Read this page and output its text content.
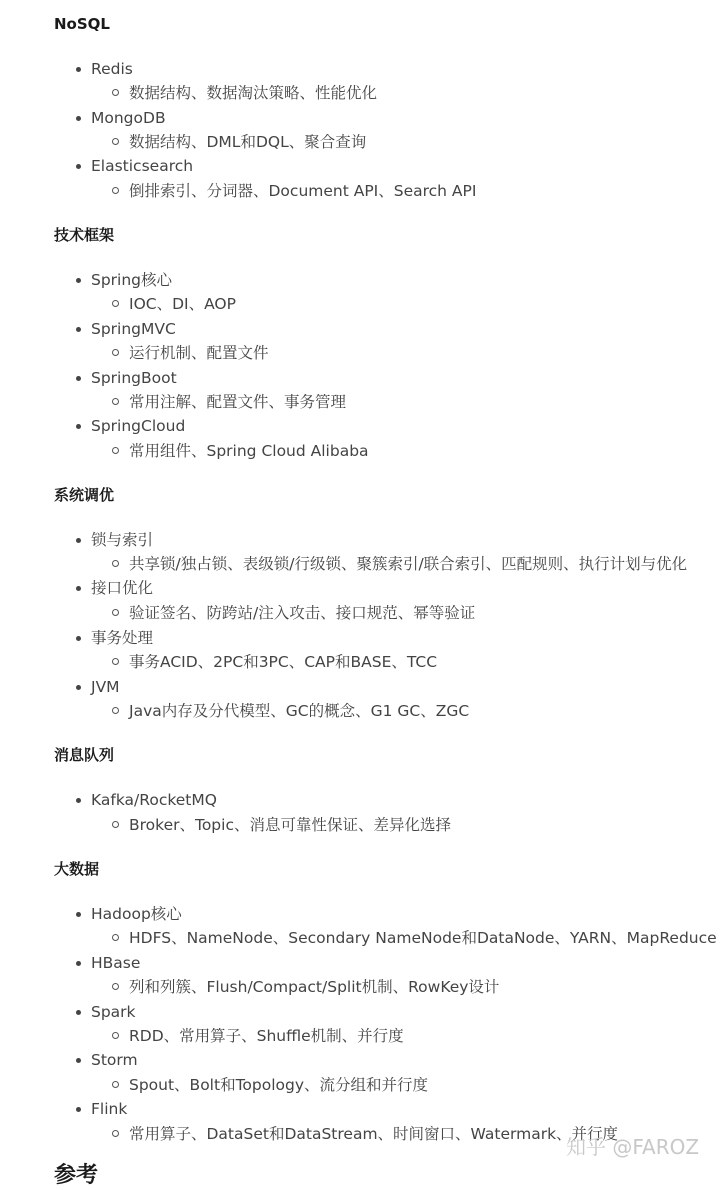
NoSQL
Redis
数据结构、数据淘汰策略、性能优化
MongoDB
数据结构、DML和DQL、聚合查询
Elasticsearch
倒排索引、分词器、Document API、Search API
技术框架
Spring核心
IOC、DI、AOP
SpringMVC
运行机制、配置文件
SpringBoot
常用注解、配置文件、事务管理
SpringCloud
常用组件、Spring Cloud Alibaba
系统调优
锁与索引
共享锁/独占锁、表级锁/行级锁、聚簇索引/联合索引、匹配规则、执行计划与优化
接口优化
验证签名、防跨站/注入攻击、接口规范、幂等验证
事务处理
事务ACID、2PC和3PC、CAP和BASE、TCC
JVM
Java内存及分代模型、GC的概念、G1 GC、ZGC
消息队列
Kafka/RocketMQ
Broker、Topic、消息可靠性保证、差异化选择
大数据
Hadoop核心
HDFS、NameNode、Secondary NameNode和DataNode、YARN、MapReduce
HBase
列和列簇、Flush/Compact/Split机制、RowKey设计
Spark
RDD、常用算子、Shuffle机制、并行度
Storm
Spout、Bolt和Topology、流分组和并行度
Flink
常用算子、DataSet和DataStream、时间窗口、Watermark、并行度
参考
知乎 @FAROZ
